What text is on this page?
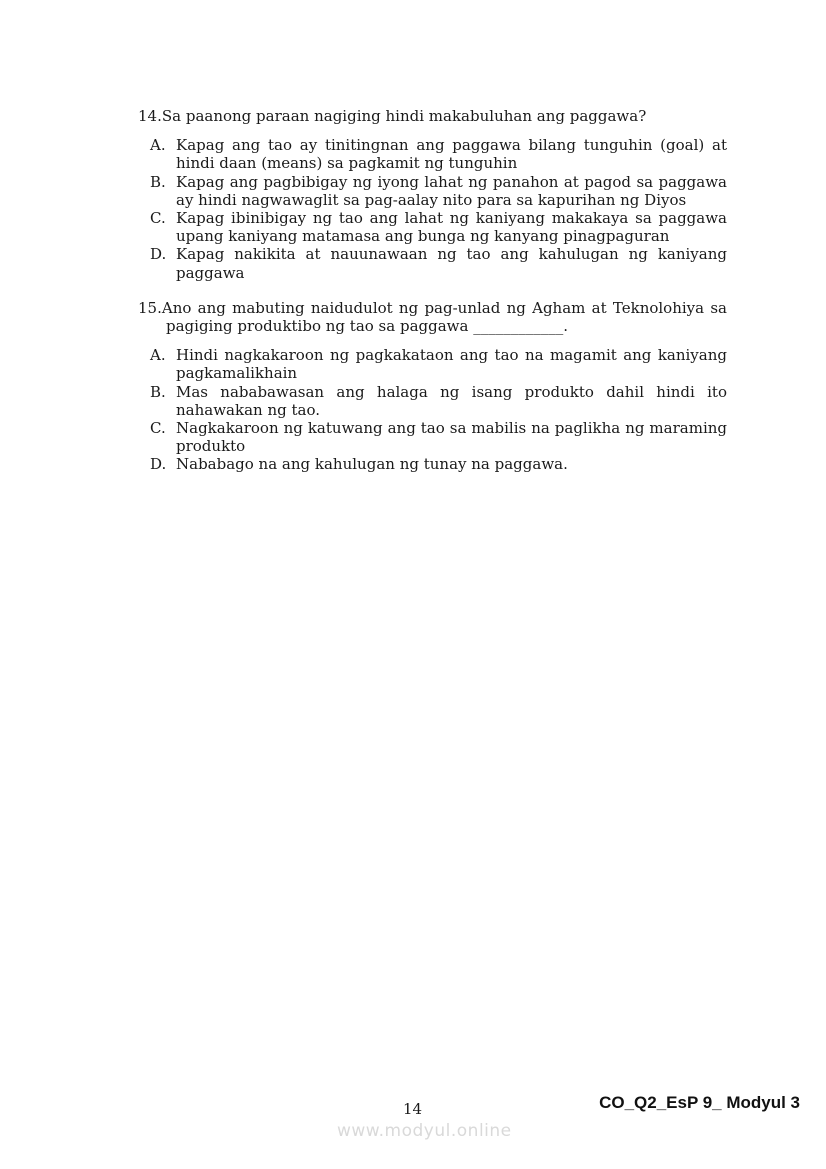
14.Sa paanong paraan nagiging hindi makabuluhan ang paggawa?
A. Kapag ang tao ay tinitingnan ang paggawa bilang tunguhin (goal) at hindi daan (means) sa pagkamit ng tunguhin
B. Kapag ang pagbibigay ng iyong lahat ng panahon at pagod sa paggawa ay hindi nagwawaglit sa pag-aalay nito para sa kapurihan ng Diyos
C. Kapag ibinibigay ng tao ang lahat ng kaniyang makakaya sa paggawa upang kaniyang matamasa ang bunga ng kanyang pinagpaguran
D. Kapag nakikita at nauunawaan ng tao ang kahulugan ng kaniyang paggawa
15.Ano ang mabuting naidudulot ng pag-unlad ng Agham at Teknolohiya sa pagiging produktibo ng tao sa paggawa ____________.
A. Hindi nagkakaroon ng pagkakataon ang tao na magamit ang kaniyang pagkamalikhain
B. Mas nababawasan ang halaga ng isang produkto dahil hindi ito nahawakan ng tao.
C. Nagkakaroon ng katuwang ang tao sa mabilis na paglikha ng maraming produkto
D. Nababago na ang kahulugan ng tunay na paggawa.
14	CO_Q2_EsP 9_ Modyul 3
www.modyul.online
